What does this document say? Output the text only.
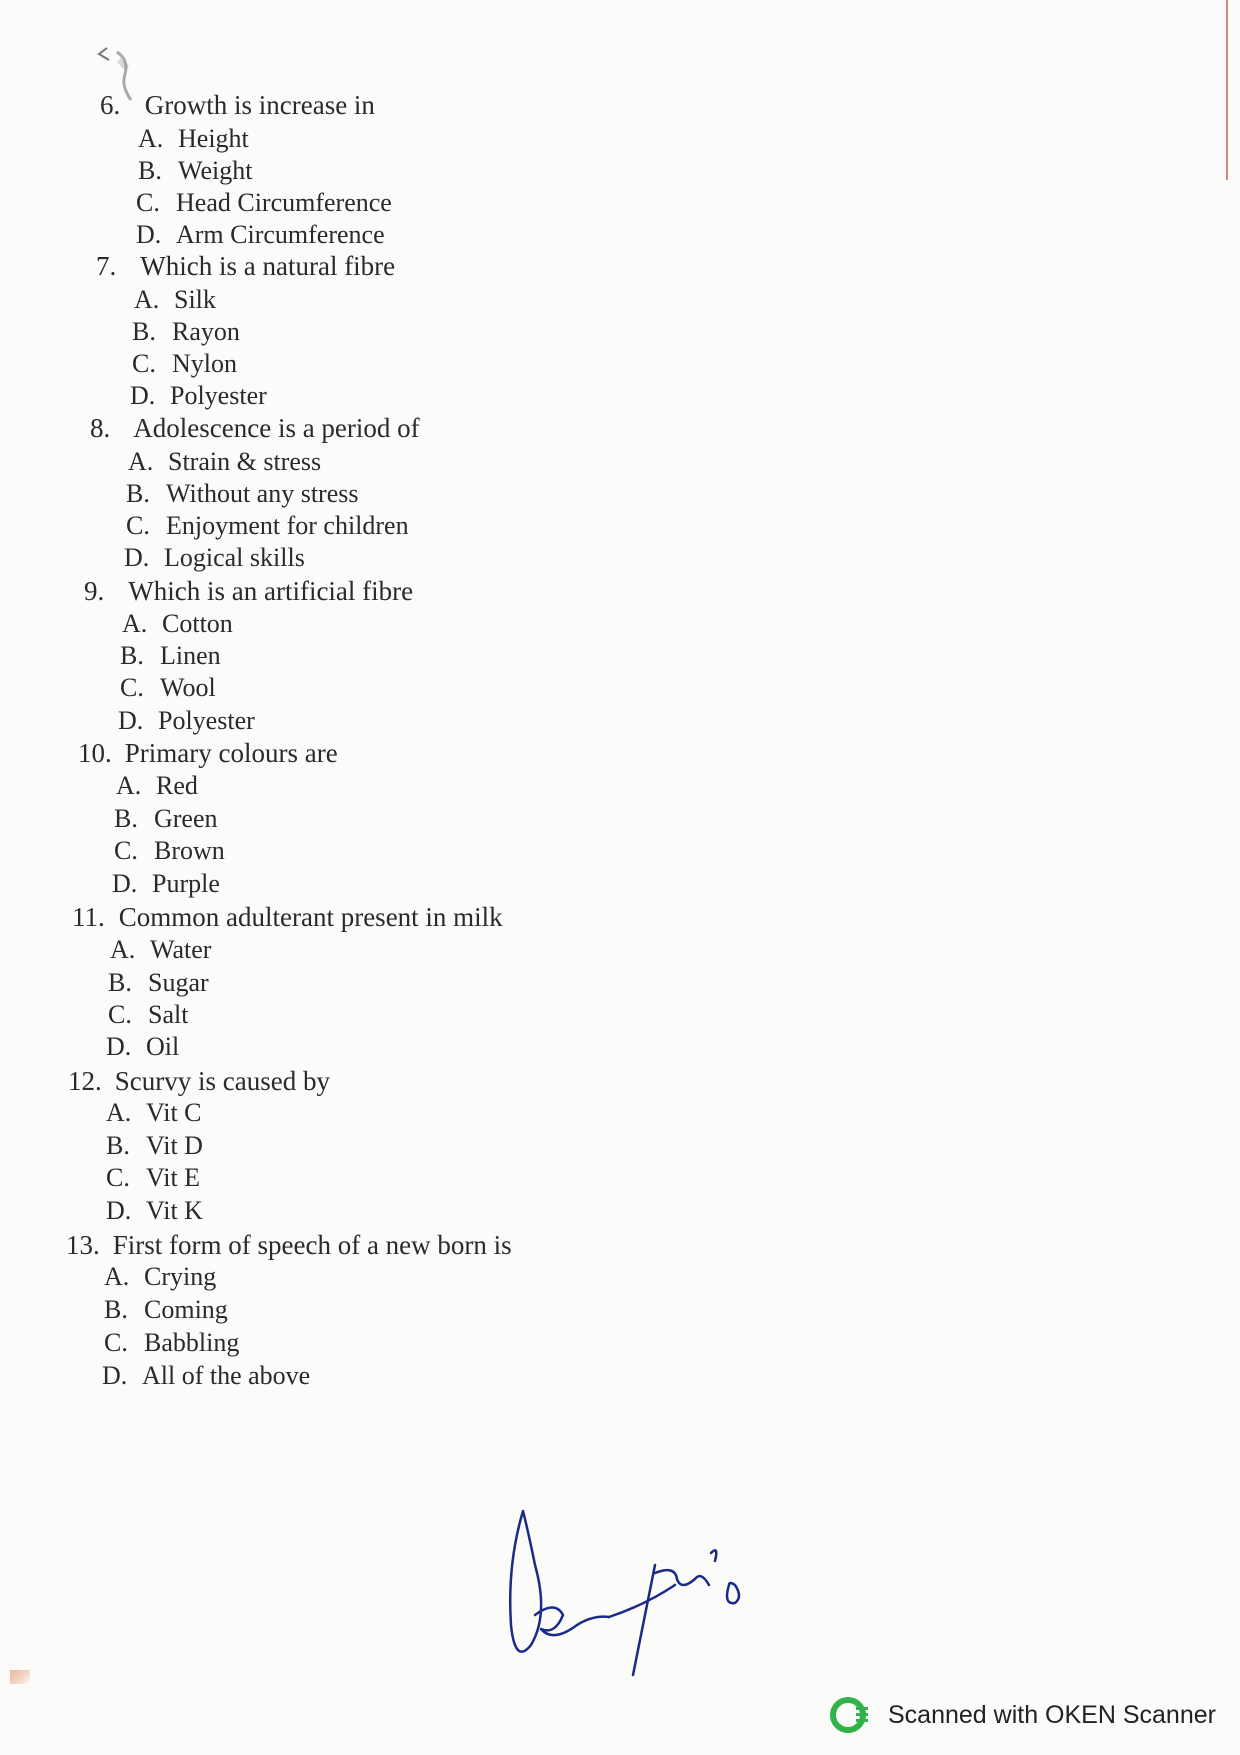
6. Growth is increase in
A. Height
B. Weight
C. Head Circumference
D. Arm Circumference
7. Which is a natural fibre
A. Silk
B. Rayon
C. Nylon
D. Polyester
8. Adolescence is a period of
A. Strain & stress
B. Without any stress
C. Enjoyment for children
D. Logical skills
9. Which is an artificial fibre
A. Cotton
B. Linen
C. Wool
D. Polyester
10. Primary colours are
A. Red
B. Green
C. Brown
D. Purple
11. Common adulterant present in milk
A. Water
B. Sugar
C. Salt
D. Oil
12. Scurvy is caused by
A. Vit C
B. Vit D
C. Vit E
D. Vit K
13. First form of speech of a new born is
A. Crying
B. Coming
C. Babbling
D. All of the above
Scanned with OKEN Scanner
